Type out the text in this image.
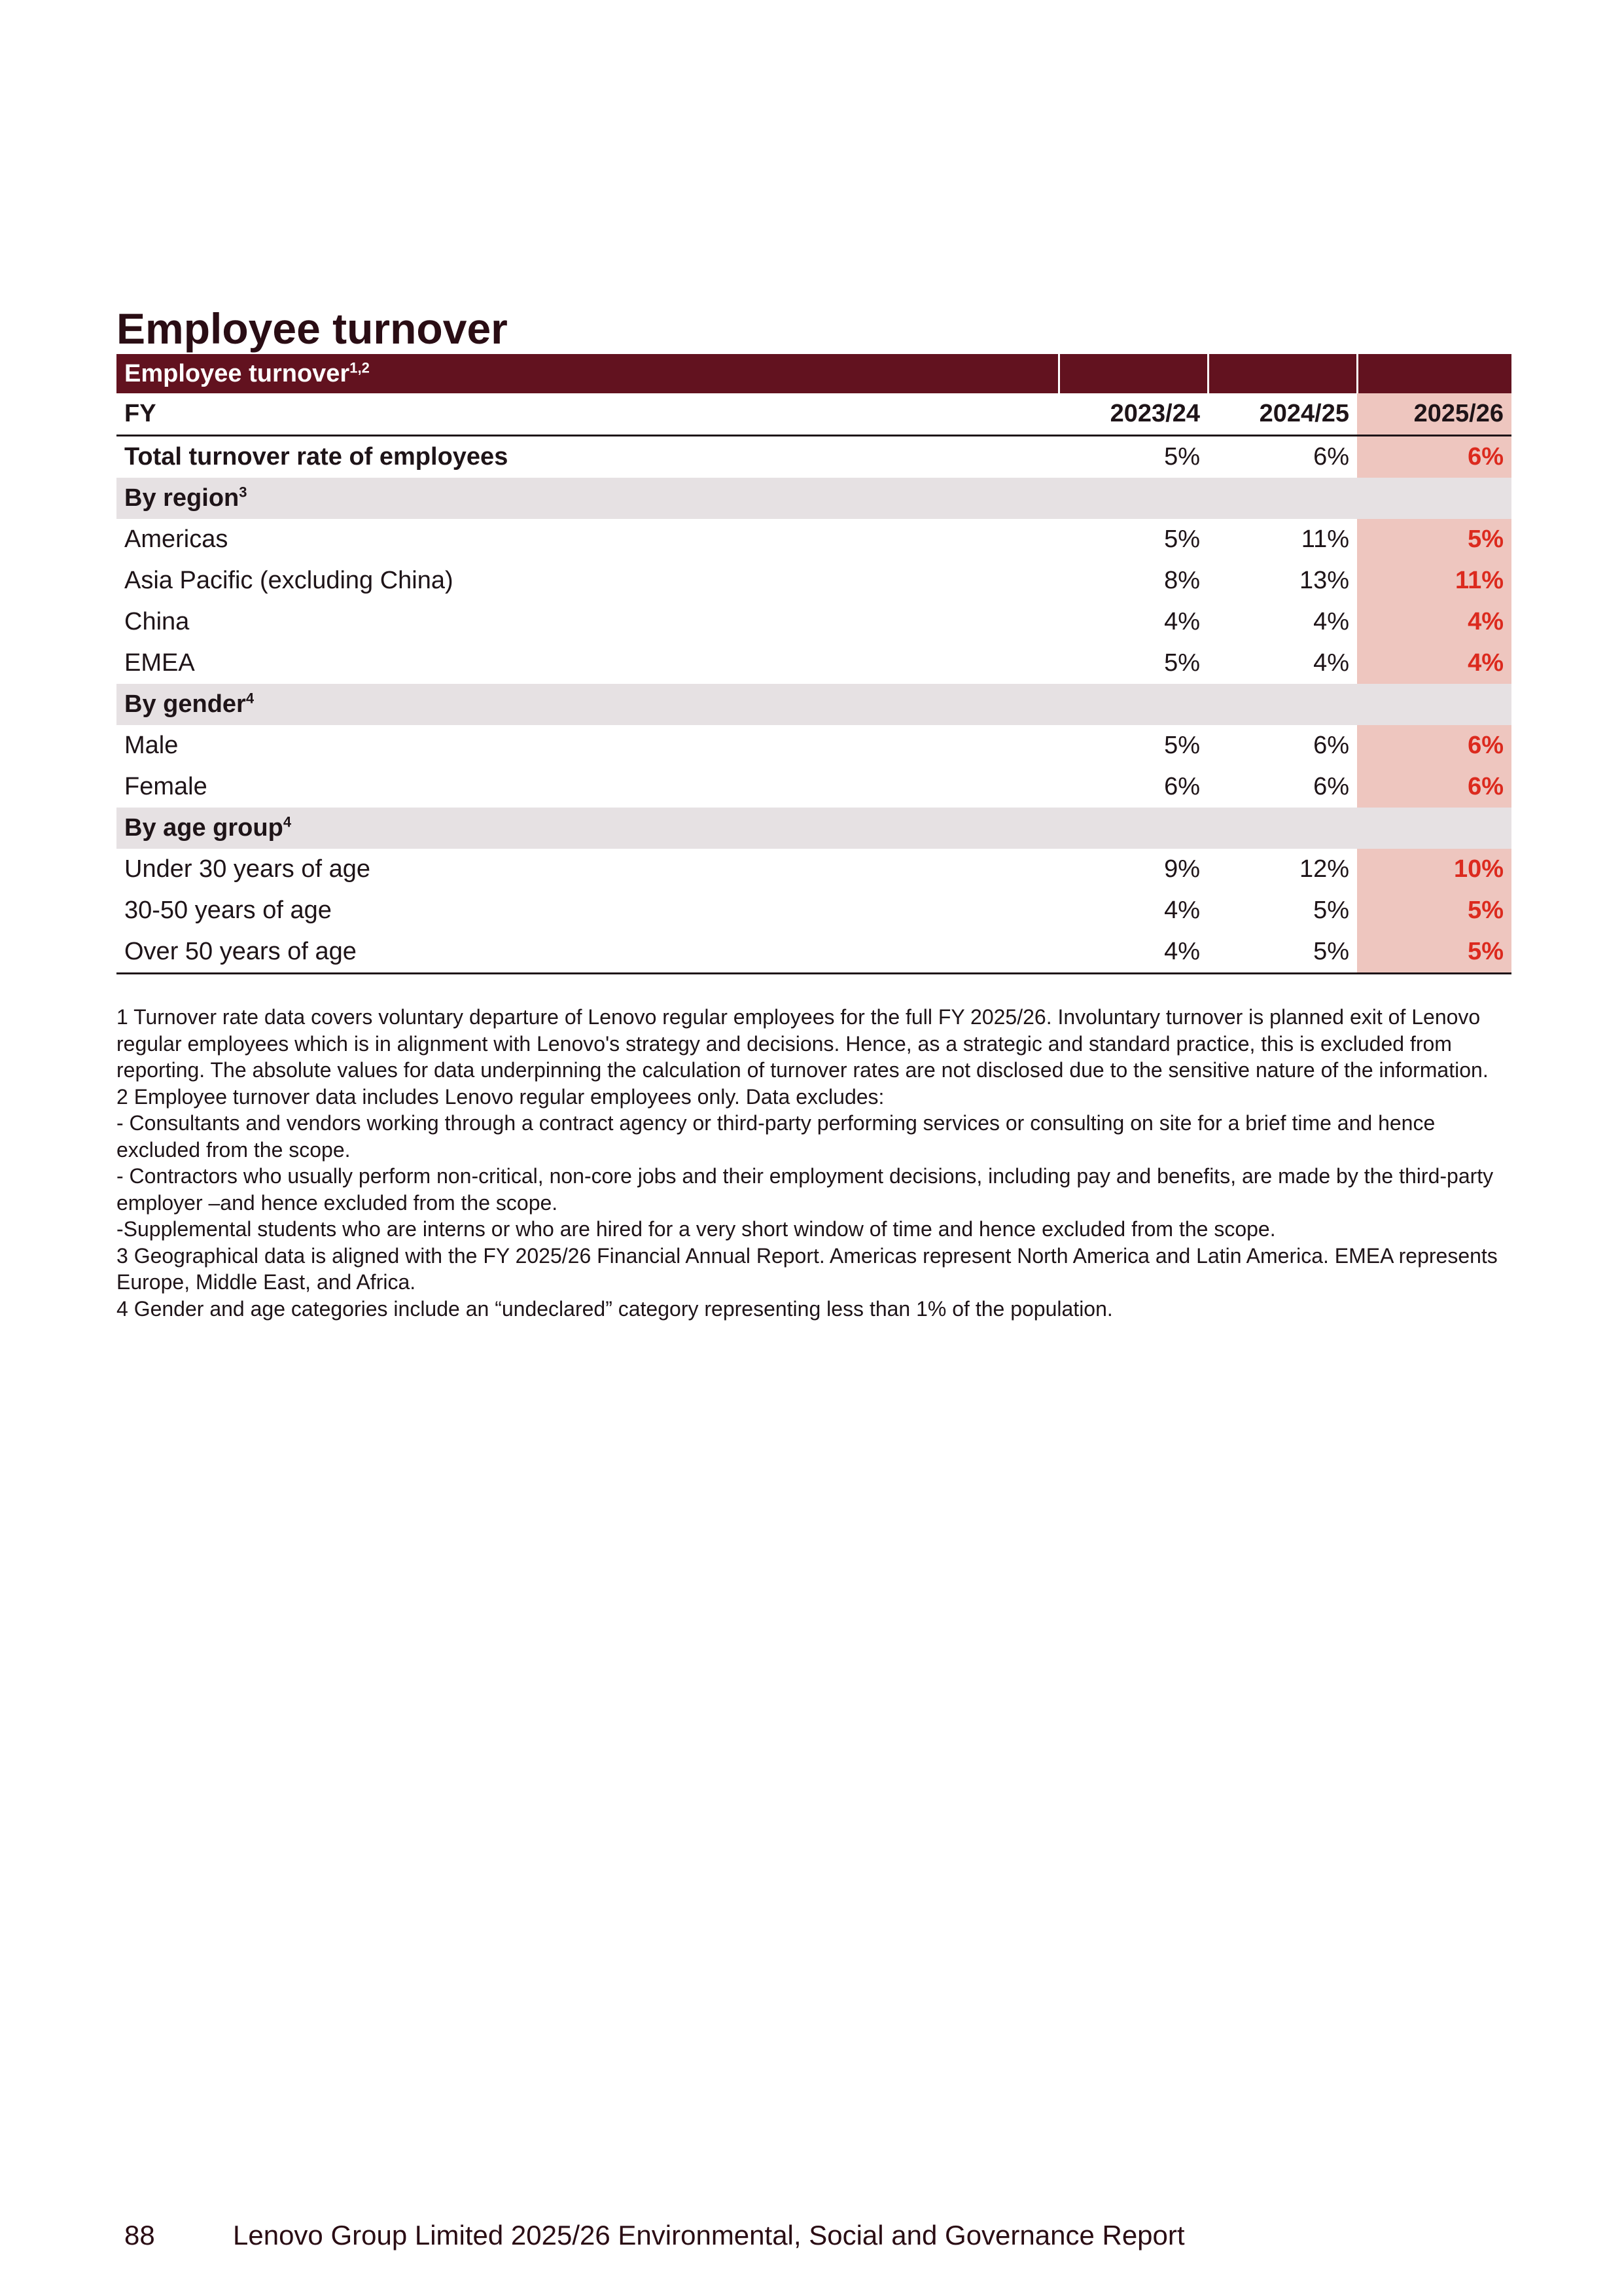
Employee turnover
Employee turnover$^{1,2}$			
FY	2023/24	2024/25	2025/26
Total turnover rate of employees	5%	6%	6%
By region$^3$			
Americas	5%	11%	5%
Asia Pacific (excluding China)	8%	13%	11%
China	4%	4%	4%
EMEA	5%	4%	4%
By gender$^4$			
Male	5%	6%	6%
Female	6%	6%	6%
By age group$^4$			
Under 30 years of age	9%	12%	10%
30-50 years of age	4%	5%	5%
Over 50 years of age	4%	5%	5%

1 Turnover rate data covers voluntary departure of Lenovo regular employees for the full FY 2025/26. Involuntary turnover is planned exit of Lenovo regular employees which is in alignment with Lenovo's strategy and decisions. Hence, as a strategic and standard practice, this is excluded from reporting. The absolute values for data underpinning the calculation of turnover rates are not disclosed due to the sensitive nature of the information.

2 Employee turnover data includes Lenovo regular employees only. Data excludes:

- Consultants and vendors working through a contract agency or third-party performing services or consulting on site for a brief time and hence excluded from the scope.

- Contractors who usually perform non-critical, non-core jobs and their employment decisions, including pay and benefits, are made by the third-party employer –and hence excluded from the scope.

-Supplemental students who are interns or who are hired for a very short window of time and hence excluded from the scope.

3 Geographical data is aligned with the FY 2025/26 Financial Annual Report. Americas represent North America and Latin America. EMEA represents Europe, Middle East, and Africa.

4 Gender and age categories include an “undeclared” category representing less than 1% of the population.

88	Lenovo Group Limited 2025/26 Environmental, Social and Governance Report
